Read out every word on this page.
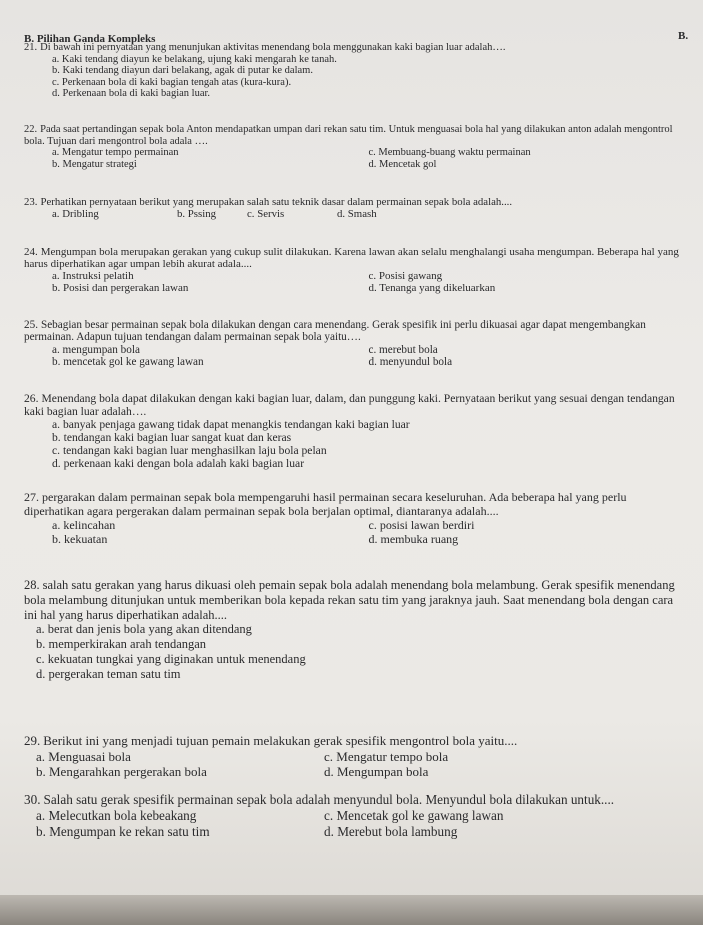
B. Pilihan Ganda Kompleks	B.

21. Di bawah ini pernyataan yang menunjukan aktivitas menendang bola menggunakan kaki bagian luar adalah….

a. Kaki tendang diayun ke belakang, ujung kaki mengarah ke tanah.
b. Kaki tendang diayun dari belakang, agak di putar ke dalam.
c. Perkenaan bola di kaki bagian tengah atas (kura-kura).
d. Perkenaan bola di kaki bagian luar.

22. Pada saat pertandingan sepak bola Anton mendapatkan umpan dari rekan satu tim. Untuk menguasai bola hal yang dilakukan anton adalah mengontrol bola. Tujuan dari mengontrol bola adala ….

a. Mengatur tempo permainan	c. Membuang-buang waktu permainan
b. Mengatur strategi	d. Mencetak gol

23. Perhatikan pernyataan berikut yang merupakan salah satu teknik dasar dalam permainan sepak bola adalah....

a. Dribling	b. Pssing	c. Servis	d. Smash

24. Mengumpan bola merupakan gerakan yang cukup sulit dilakukan. Karena lawan akan selalu menghalangi usaha mengumpan. Beberapa hal yang harus diperhatikan agar umpan lebih akurat adala....

a. Instruksi pelatih	c. Posisi gawang
b. Posisi dan pergerakan lawan	d. Tenanga yang dikeluarkan

25. Sebagian besar permainan sepak bola dilakukan dengan cara menendang. Gerak spesifik ini perlu dikuasai agar dapat mengembangkan permainan. Adapun tujuan tendangan dalam permainan sepak bola yaitu….

a. mengumpan bola	c. merebut bola
b. mencetak gol ke gawang lawan	d. menyundul bola

26. Menendang bola dapat dilakukan dengan kaki bagian luar, dalam, dan punggung kaki. Pernyataan berikut yang sesuai dengan tendangan kaki bagian luar adalah….

a. banyak penjaga gawang tidak dapat menangkis tendangan kaki bagian luar
b. tendangan kaki bagian luar sangat kuat dan keras
c. tendangan kaki bagian luar menghasilkan laju bola pelan
d. perkenaan kaki dengan bola adalah kaki bagian luar

27. pergarakan dalam permainan sepak bola mempengaruhi hasil permainan secara keseluruhan. Ada beberapa hal yang perlu diperhatikan agara pergerakan dalam permainan sepak bola berjalan optimal, diantaranya adalah....

a. kelincahan	c. posisi lawan berdiri
b. kekuatan	d. membuka ruang

28. salah satu gerakan yang harus dikuasi oleh pemain sepak bola adalah menendang bola melambung. Gerak spesifik menendang bola melambung ditunjukan untuk memberikan bola kepada rekan satu tim yang jaraknya jauh. Saat menendang bola dengan cara ini hal yang harus diperhatikan adalah....

a. berat dan jenis bola yang akan ditendang
b. memperkirakan arah tendangan
c. kekuatan tungkai yang diginakan untuk menendang
d. pergerakan teman satu tim

29. Berikut ini yang menjadi tujuan pemain melakukan gerak spesifik mengontrol bola yaitu....

a. Menguasai bola	c. Mengatur tempo bola
b. Mengarahkan pergerakan bola	d. Mengumpan bola

30. Salah satu gerak spesifik permainan sepak bola adalah menyundul bola. Menyundul bola dilakukan untuk....

a. Melecutkan bola kebeakang	c. Mencetak gol ke gawang lawan
b. Mengumpan ke rekan satu tim	d. Merebut bola lambung
